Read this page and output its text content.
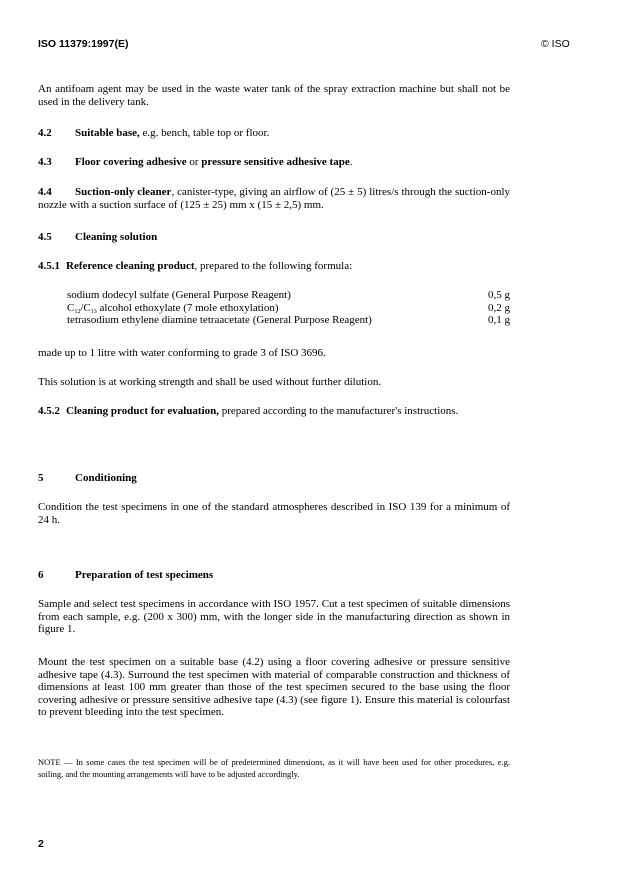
ISO 11379:1997(E)	© ISO
An antifoam agent may be used in the waste water tank of the spray extraction machine but shall not be used in the delivery tank.
4.2 Suitable base, e.g. bench, table top or floor.
4.3 Floor covering adhesive or pressure sensitive adhesive tape.
4.4 Suction-only cleaner, canister-type, giving an airflow of (25 ± 5) litres/s through the suction-only nozzle with a suction surface of (125 ± 25) mm x (15 ± 2,5) mm.
4.5 Cleaning solution
4.5.1 Reference cleaning product, prepared to the following formula:
sodium dodecyl sulfate (General Purpose Reagent)	0,5 g
$C_{12}/C_{13}$ alcohol ethoxylate (7 mole ethoxylation)	0,2 g
tetrasodium ethylene diamine tetraacetate (General Purpose Reagent)	0,1 g
made up to 1 litre with water conforming to grade 3 of ISO 3696.
This solution is at working strength and shall be used without further dilution.
4.5.2 Cleaning product for evaluation, prepared according to the manufacturer's instructions.
5	Conditioning
Condition the test specimens in one of the standard atmospheres described in ISO 139 for a minimum of 24 h.
6	Preparation of test specimens
Sample and select test specimens in accordance with ISO 1957. Cut a test specimen of suitable dimensions from each sample, e.g. (200 x 300) mm, with the longer side in the manufacturing direction as shown in figure 1.
Mount the test specimen on a suitable base (4.2) using a floor covering adhesive or pressure sensitive adhesive tape (4.3). Surround the test specimen with material of comparable construction and thickness of dimensions at least 100 mm greater than those of the test specimen secured to the base using the floor covering adhesive or pressure sensitive adhesive tape (4.3) (see figure 1). Ensure this material is colourfast to prevent bleeding into the test specimen.
NOTE — In some cases the test specimen will be of predetermined dimensions, as it will have been used for other procedures, e.g. soiling, and the mounting arrangements will have to be adjusted accordingly.
2
